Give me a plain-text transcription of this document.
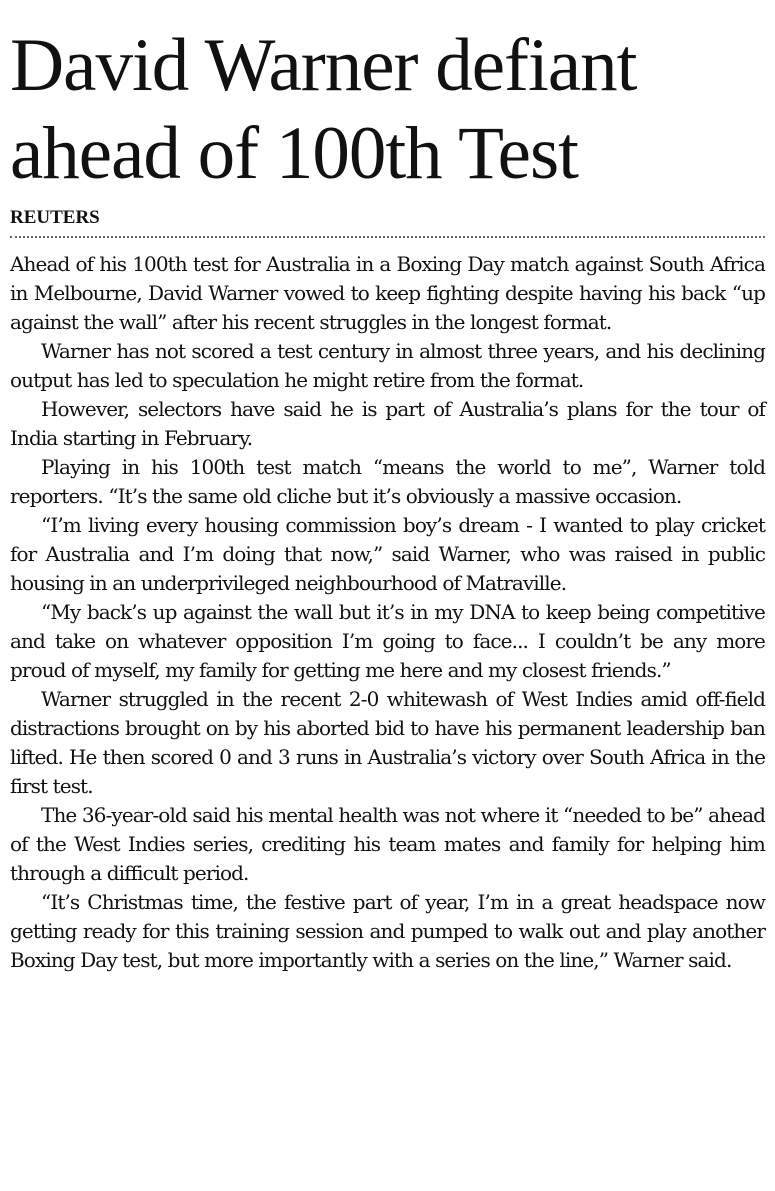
David Warner defiant
ahead of 100th Test
REUTERS

Ahead of his 100th test for Australia in a Boxing Day match against South Africa in Melbourne, David Warner vowed to keep fighting despite having his back “up against the wall” after his recent struggles in the longest format.

Warner has not scored a test century in almost three years, and his declining output has led to speculation he might retire from the format.

However, selectors have said he is part of Australia’s plans for the tour of India starting in February.

Playing in his 100th test match “means the world to me”, Warner told reporters. “It’s the same old cliche but it’s obviously a massive occasion.

“I’m living every housing commission boy’s dream - I wanted to play cricket for Australia and I’m doing that now,” said Warner, who was raised in public housing in an underprivileged neighbourhood of Matraville.

“My back’s up against the wall but it’s in my DNA to keep being competitive and take on whatever opposition I’m going to face... I couldn’t be any more proud of myself, my family for getting me here and my closest friends.”

Warner struggled in the recent 2-0 whitewash of West Indies amid off-field distractions brought on by his aborted bid to have his permanent leadership ban lifted. He then scored 0 and 3 runs in Australia’s victory over South Africa in the first test.

The 36-year-old said his mental health was not where it “needed to be” ahead of the West Indies series, crediting his team mates and family for helping him through a difficult period.

“It’s Christmas time, the festive part of year, I’m in a great headspace now getting ready for this training session and pumped to walk out and play another Boxing Day test, but more importantly with a series on the line,” Warner said.
